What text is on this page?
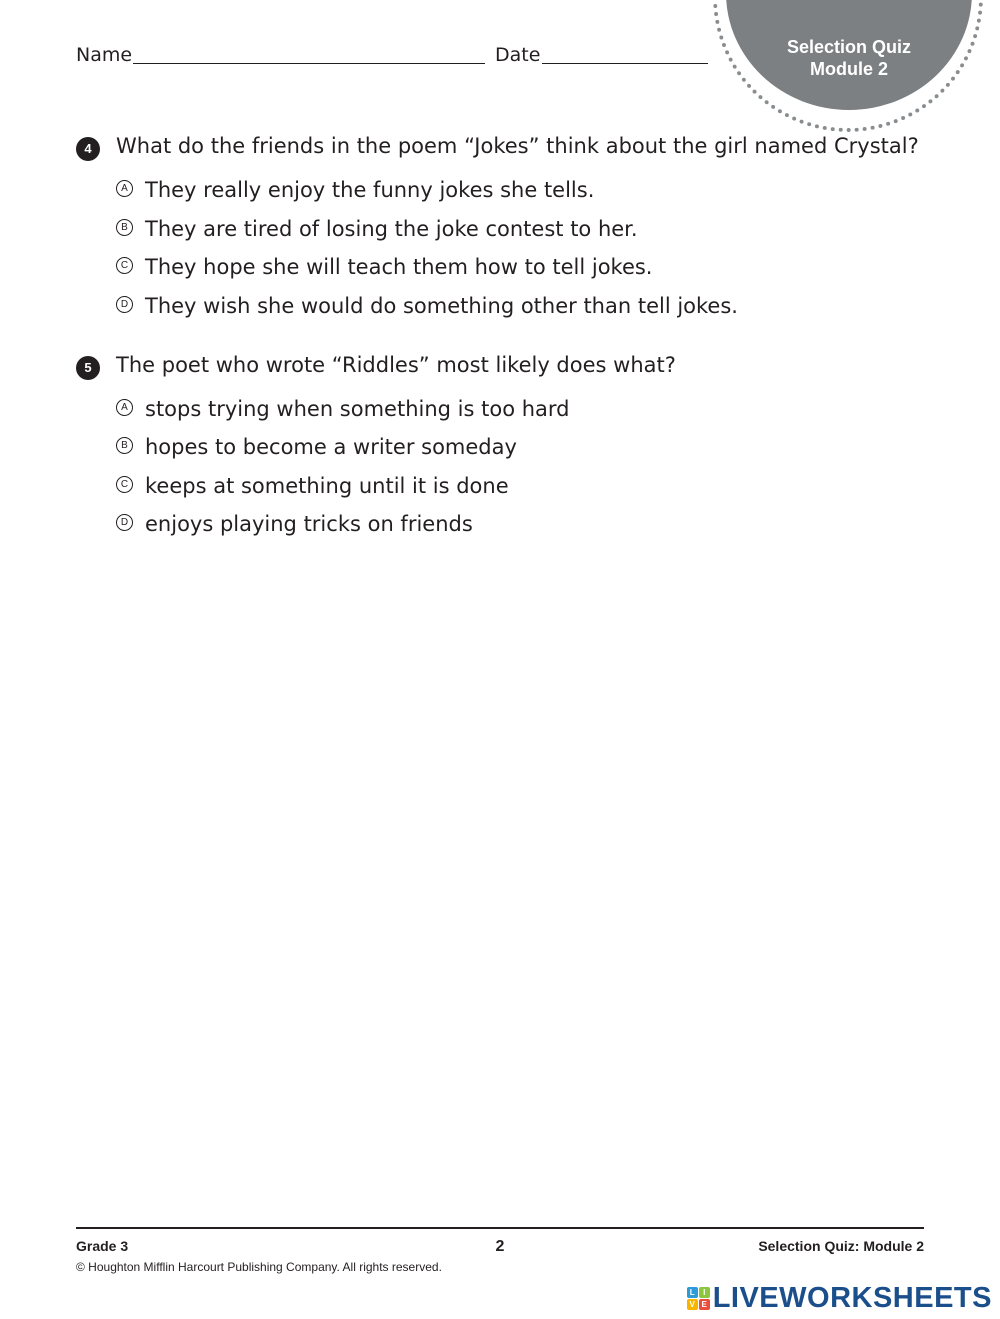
Name	Date	Selection Quiz
Module 2
4	What do the friends in the poem “Jokes” think about the girl named Crystal?
A They really enjoy the funny jokes she tells.
B They are tired of losing the joke contest to her.
C They hope she will teach them how to tell jokes.
D They wish she would do something other than tell jokes.
5	The poet who wrote “Riddles” most likely does what?
A stops trying when something is too hard
B hopes to become a writer someday
C keeps at something until it is done
D enjoys playing tricks on friends
Grade 3	2	Selection Quiz: Module 2
© Houghton Mifflin Harcourt Publishing Company. All rights reserved.
L	I
V E LIVEWORKSHEETS
